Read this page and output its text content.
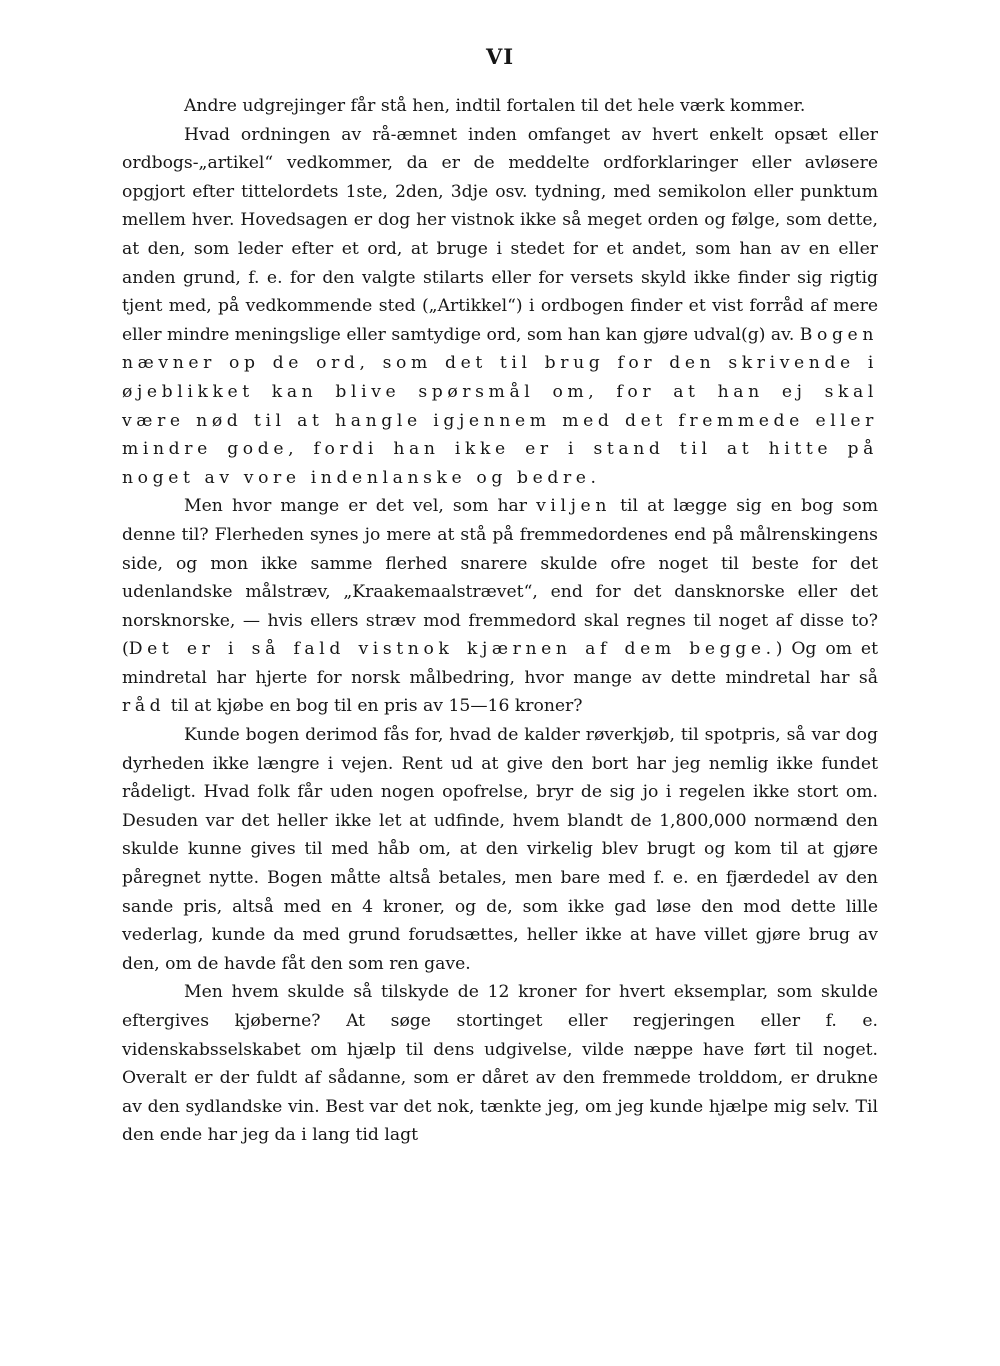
VI

Andre udgrejinger får stå hen, indtil fortalen til det hele værk kommer.

Hvad ordningen av rå-æmnet inden omfanget av hvert enkelt opsæt eller ordbogs-„artikel“ vedkommer, da er de meddelte ordforklaringer eller avløsere opgjort efter tittelordets 1ste, 2den, 3dje osv. tydning, med semikolon eller punktum mellem hver. Hovedsagen er dog her vistnok ikke så meget orden og følge, som dette, at den, som leder efter et ord, at bruge i stedet for et andet, som han av en eller anden grund, f. e. for den valgte stilarts eller for versets skyld ikke finder sig rigtig tjent med, på vedkommende sted („Artikkel“) i ordbogen finder et vist forråd af mere eller mindre meningslige eller samtydige ord, som han kan gjøre udval(g) av. Bogen nævner op de ord, som det til brug for den skrivende i øjeblikket kan blive spørsmål om, for at han ej skal være nød til at hangle igjennem med det fremmede eller mindre gode, fordi han ikke er i stand til at hitte på noget av vore indenlanske og bedre.

Men hvor mange er det vel, som har viljen til at lægge sig en bog som denne til? Flerheden synes jo mere at stå på fremmedordenes end på målrenskingens side, og mon ikke samme flerhed snarere skulde ofre noget til beste for det udenlandske målstræv, „Kraakemaalstrævet“, end for det dansknorske eller det norsknorske, — hvis ellers stræv mod fremmedord skal regnes til noget af disse to? (Det er i så fald vistnok kjærnen af dem begge.) Og om et mindretal har hjerte for norsk målbedring, hvor mange av dette mindretal har så råd til at kjøbe en bog til en pris av 15—16 kroner?

Kunde bogen derimod fås for, hvad de kalder røverkjøb, til spotpris, så var dog dyrheden ikke længre i vejen. Rent ud at give den bort har jeg nemlig ikke fundet rådeligt. Hvad folk får uden nogen opofrelse, bryr de sig jo i regelen ikke stort om. Desuden var det heller ikke let at udfinde, hvem blandt de 1,800,000 normænd den skulde kunne gives til med håb om, at den virkelig blev brugt og kom til at gjøre påregnet nytte. Bogen måtte altså betales, men bare med f. e. en fjærdedel av den sande pris, altså med en 4 kroner, og de, som ikke gad løse den mod dette lille vederlag, kunde da med grund forudsættes, heller ikke at have villet gjøre brug av den, om de havde fåt den som ren gave.

Men hvem skulde så tilskyde de 12 kroner for hvert eksemplar, som skulde eftergives kjøberne? At søge stortinget eller regjeringen eller f. e. videnskabsselskabet om hjælp til dens udgivelse, vilde næppe have ført til noget. Overalt er der fuldt af sådanne, som er dåret av den fremmede trolddom, er drukne av den sydlandske vin. Best var det nok, tænkte jeg, om jeg kunde hjælpe mig selv. Til den ende har jeg da i lang tid lagt
